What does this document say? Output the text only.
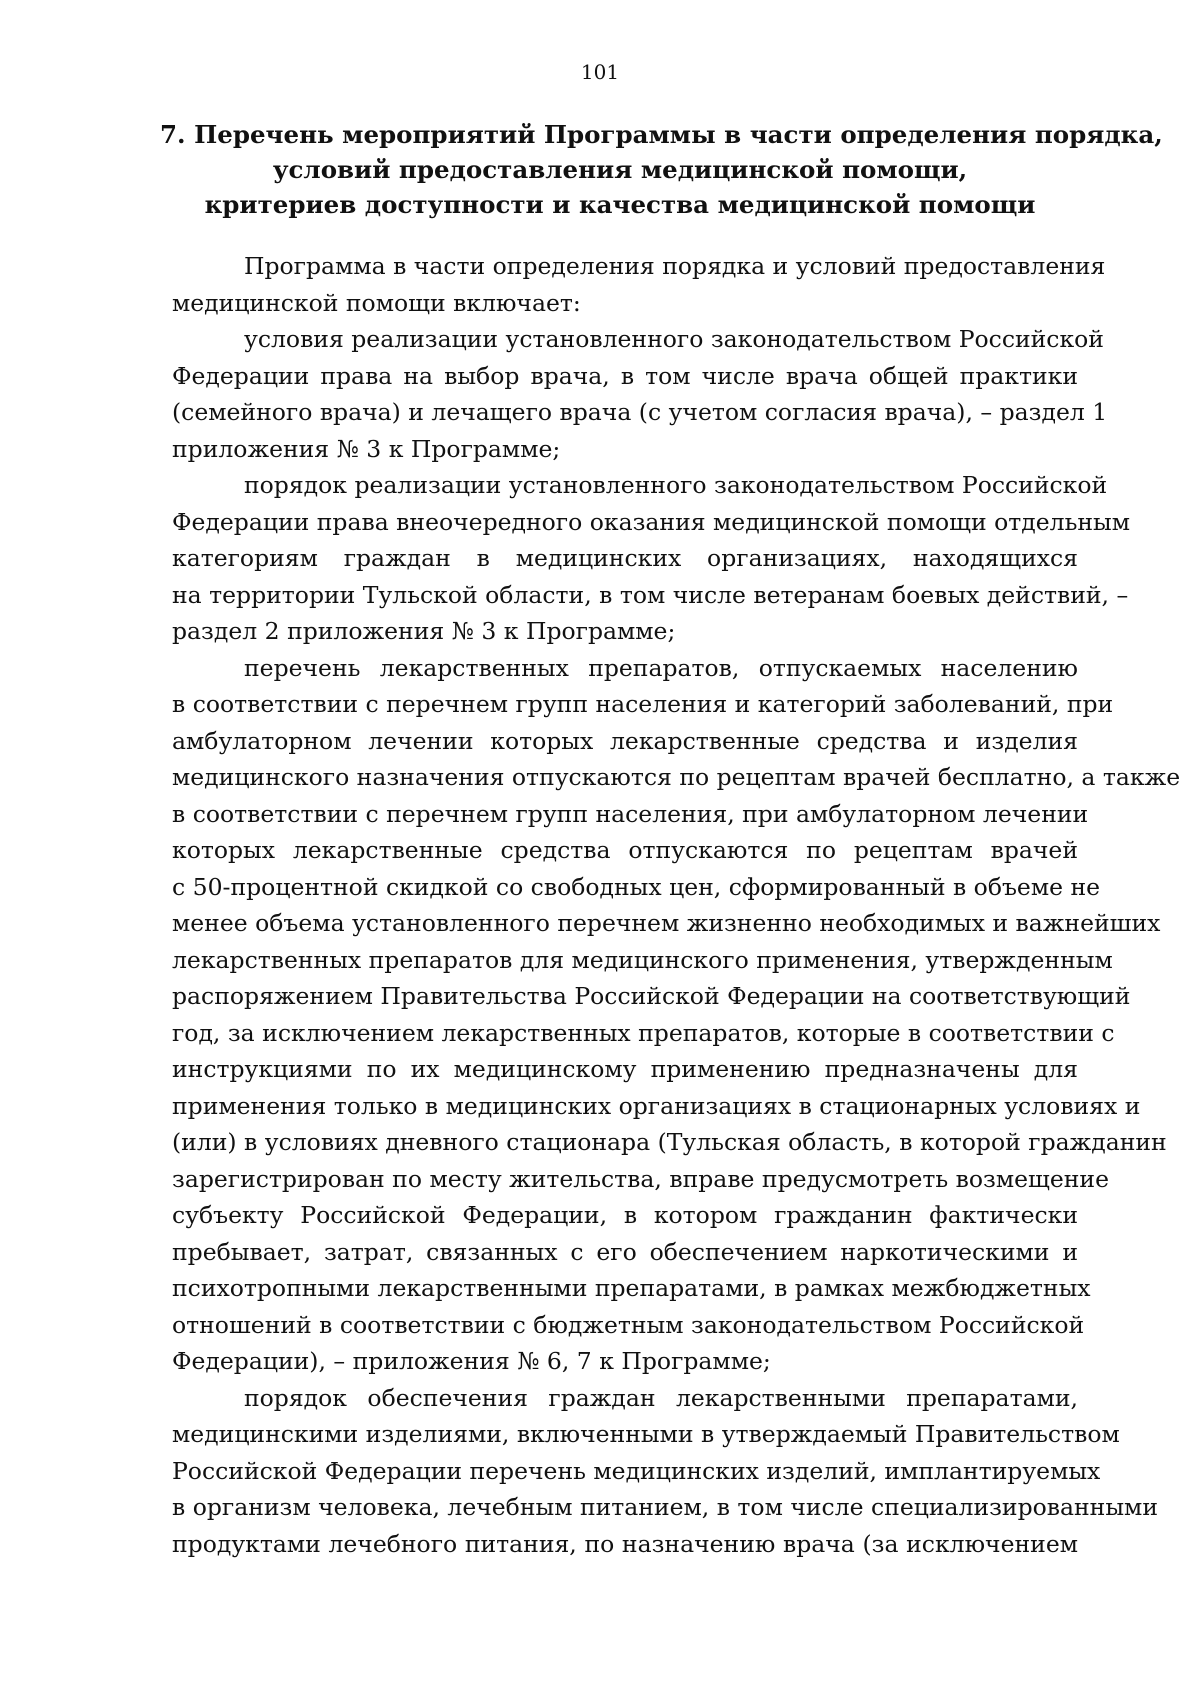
101
7. Перечень мероприятий Программы в части определения порядка,
условий предоставления медицинской помощи,
критериев доступности и качества медицинской помощи
Программа в части определения порядка и условий предоставления
медицинской помощи включает:
условия реализации установленного законодательством Российской
Федерации права на выбор врача, в том числе врача общей практики
(семейного врача) и лечащего врача (с учетом согласия врача), – раздел 1
приложения № 3 к Программе;
порядок реализации установленного законодательством Российской
Федерации права внеочередного оказания медицинской помощи отдельным
категориям граждан в медицинских организациях, находящихся
на территории Тульской области, в том числе ветеранам боевых действий, –
раздел 2 приложения № 3 к Программе;
перечень лекарственных препаратов, отпускаемых населению
в соответствии с перечнем групп населения и категорий заболеваний, при
амбулаторном лечении которых лекарственные средства и изделия
медицинского назначения отпускаются по рецептам врачей бесплатно, а также
в соответствии с перечнем групп населения, при амбулаторном лечении
которых лекарственные средства отпускаются по рецептам врачей
с 50-процентной скидкой со свободных цен, сформированный в объеме не
менее объема установленного перечнем жизненно необходимых и важнейших
лекарственных препаратов для медицинского применения, утвержденным
распоряжением Правительства Российской Федерации на соответствующий
год, за исключением лекарственных препаратов, которые в соответствии с
инструкциями по их медицинскому применению предназначены для
применения только в медицинских организациях в стационарных условиях и
(или) в условиях дневного стационара (Тульская область, в которой гражданин
зарегистрирован по месту жительства, вправе предусмотреть возмещение
субъекту Российской Федерации, в котором гражданин фактически
пребывает, затрат, связанных с его обеспечением наркотическими и
психотропными лекарственными препаратами, в рамках межбюджетных
отношений в соответствии с бюджетным законодательством Российской
Федерации), – приложения № 6, 7 к Программе;
порядок обеспечения граждан лекарственными препаратами,
медицинскими изделиями, включенными в утверждаемый Правительством
Российской Федерации перечень медицинских изделий, имплантируемых
в организм человека, лечебным питанием, в том числе специализированными
продуктами лечебного питания, по назначению врача (за исключением
